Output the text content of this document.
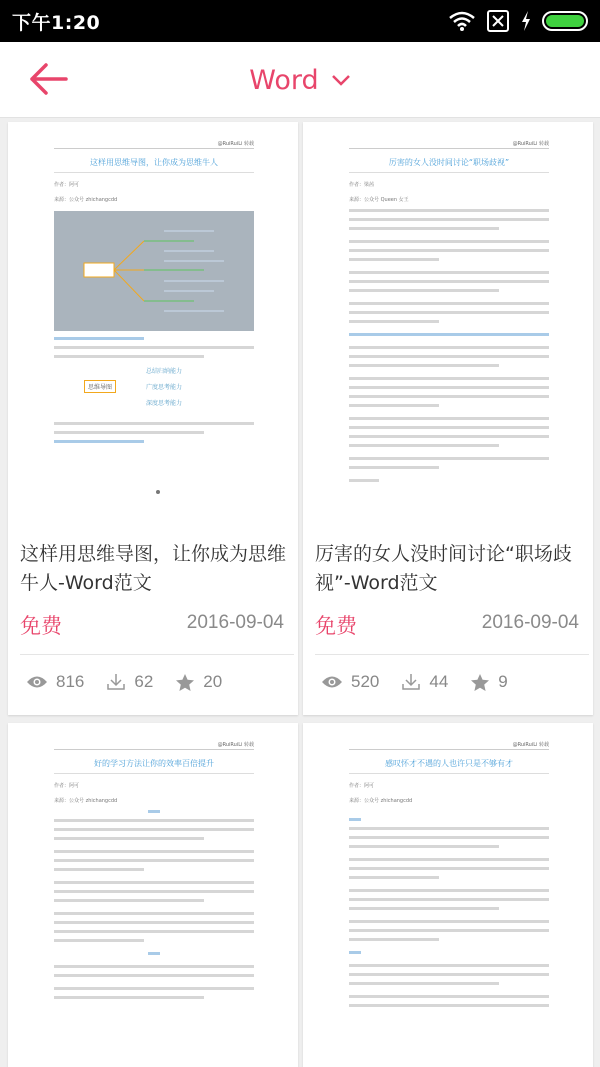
下午1:20
Word
@RuiRuiLi 转载
这样用思维导图，让你成为思维牛人
作者：阿可
来源：公众号 zhichangcdd
思维导图
总结归纳能力
广度思考能力
深度思考能力
这样用思维导图，让你成为思维牛人-Word范文
免费	2016-09-04
816	62	20
@RuiRuiLi 转载
厉害的女人没时间讨论“职场歧视”
作者：梁茜
来源：公众号 Queen 女王
厉害的女人没时间讨论“职场歧视”-Word范文
免费	2016-09-04
520	44	9
@RuiRuiLi 转载
好的学习方法让你的效率百倍提升
作者：阿可
来源：公众号 zhichangcdd
@RuiRuiLi 转载
感叹怀才不遇的人也许只是不够有才
作者：阿可
来源：公众号 zhichangcdd
